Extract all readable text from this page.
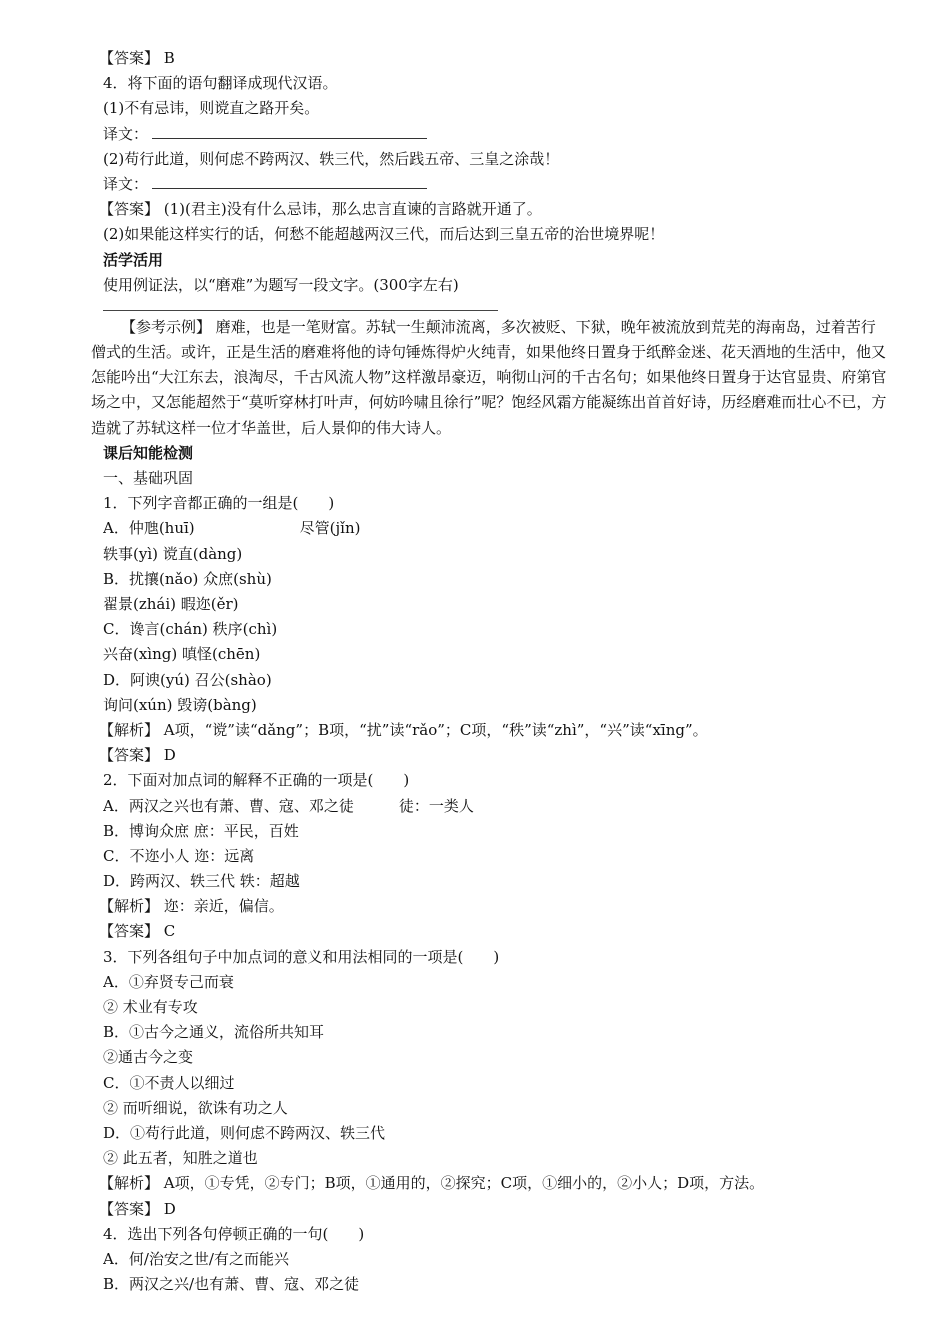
【答案】 B
4．将下面的语句翻译成现代汉语。
(1)不有忌讳，则谠直之路开矣。
译文：
(2)苟行此道，则何虑不跨两汉、轶三代，然后践五帝、三皇之涂哉！
译文：
【答案】 (1)(君主)没有什么忌讳，那么忠言直谏的言路就开通了。
(2)如果能这样实行的话，何愁不能超越两汉三代，而后达到三皇五帝的治世境界呢！
活学活用
使用例证法，以“磨难”为题写一段文字。(300字左右)
【参考示例】 磨难，也是一笔财富。苏轼一生颠沛流离，多次被贬、下狱，晚年被流放到荒芜的海南岛，过着苦行僧式的生活。或许，正是生活的磨难将他的诗句锤炼得炉火纯青，如果他终日置身于纸醉金迷、花天酒地的生活中，他又怎能吟出“大江东去，浪淘尽，千古风流人物”这样激昂豪迈，响彻山河的千古名句；如果他终日置身于达官显贵、府第官场之中，又怎能超然于“莫听穿林打叶声，何妨吟啸且徐行”呢？饱经风霜方能凝练出首首好诗，历经磨难而壮心不已，方造就了苏轼这样一位才华盖世，后人景仰的伟大诗人。
课后知能检测
一、基础巩固
1．下列字音都正确的一组是(　　)
A．仲虺(huī)	尽管(jǐn)
轶事(yì) 谠直(dàng)
B．扰攘(nǎo) 众庶(shù)
翟景(zhái) 暇迩(ěr)
C．谗言(chán) 秩序(chì)
兴奋(xìng) 嗔怪(chēn)
D．阿谀(yú) 召公(shào)
询问(xún) 毁谤(bàng)
【解析】 A项，“谠”读“dǎng”；B项，“扰”读“rǎo”；C项，“秩”读“zhì”，“兴”读“xīng”。
【答案】 D
2．下面对加点词的解释不正确的一项是(　　)
A．两汉之兴也有萧、曹、寇、邓之徒	徒：一类人
B．博询众庶 庶：平民，百姓
C．不迩小人 迩：远离
D．跨两汉、轶三代 轶：超越
【解析】 迩：亲近，偏信。
【答案】 C
3．下列各组句子中加点词的意义和用法相同的一项是(　　)
A．①弃贤专己而衰
② 术业有专攻
B．①古今之通义，流俗所共知耳
②通古今之变
C．①不责人以细过
② 而听细说，欲诛有功之人
D．①苟行此道，则何虑不跨两汉、轶三代
② 此五者，知胜之道也
【解析】 A项，①专凭，②专门；B项，①通用的，②探究；C项，①细小的，②小人；D项，方法。
【答案】 D
4．选出下列各句停顿正确的一句(　　)
A．何/治安之世/有之而能兴
B．两汉之兴/也有萧、曹、寇、邓之徒
